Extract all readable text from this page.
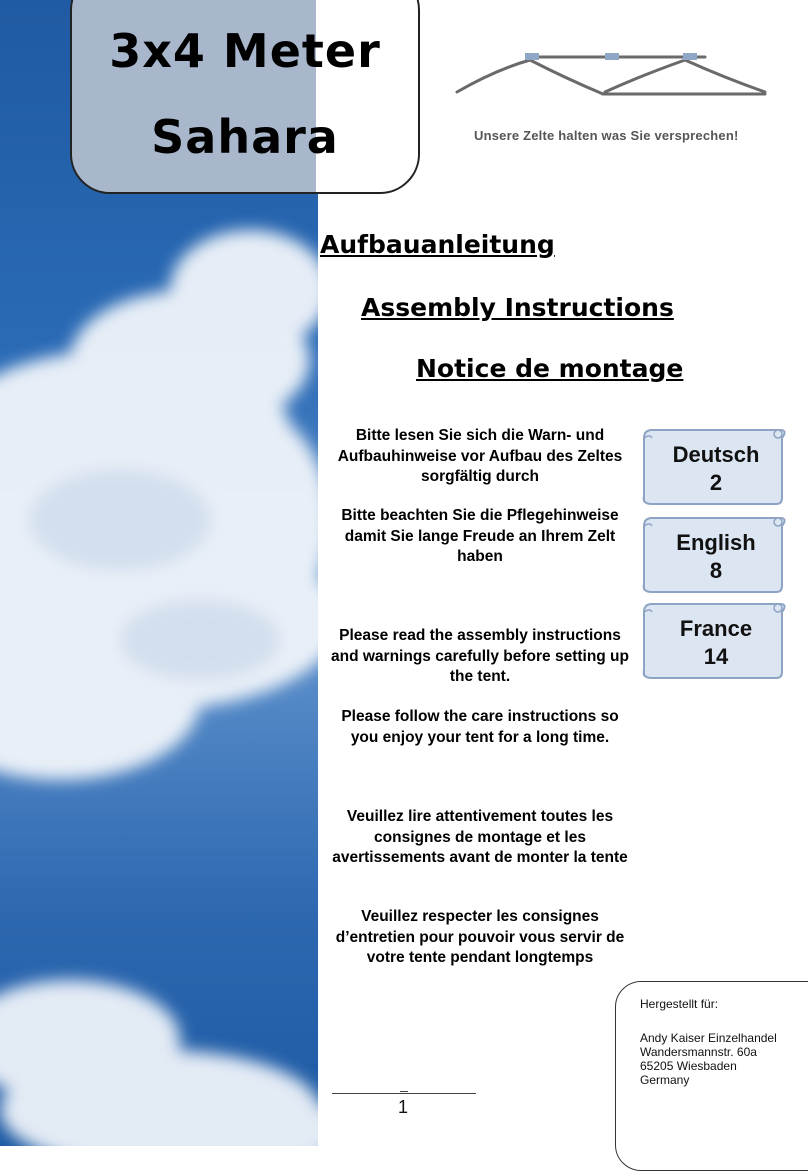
3x4 Meter
Sahara	Unsere Zelte halten was Sie versprechen!
Aufbauanleitung
Assembly Instructions
Notice de montage
Bitte lesen Sie sich die Warn- und Aufbauhinweise vor Aufbau des Zeltes sorgfältig durch
Bitte beachten Sie die Pflegehinweise damit Sie lange Freude an Ihrem Zelt haben
Please read the assembly instructions and warnings carefully before setting up the tent.
Please follow the care instructions so you enjoy your tent for a long time.
Veuillez lire attentivement toutes les consignes de montage et les avertissements avant de monter la tente
Veuillez respecter les consignes d’entretien pour pouvoir vous servir de votre tente pendant longtemps
Deutsch
2
English
8
France
14
Hergestellt für:
Andy Kaiser Einzelhandel
Wandersmannstr. 60a
65205 Wiesbaden
Germany
1
